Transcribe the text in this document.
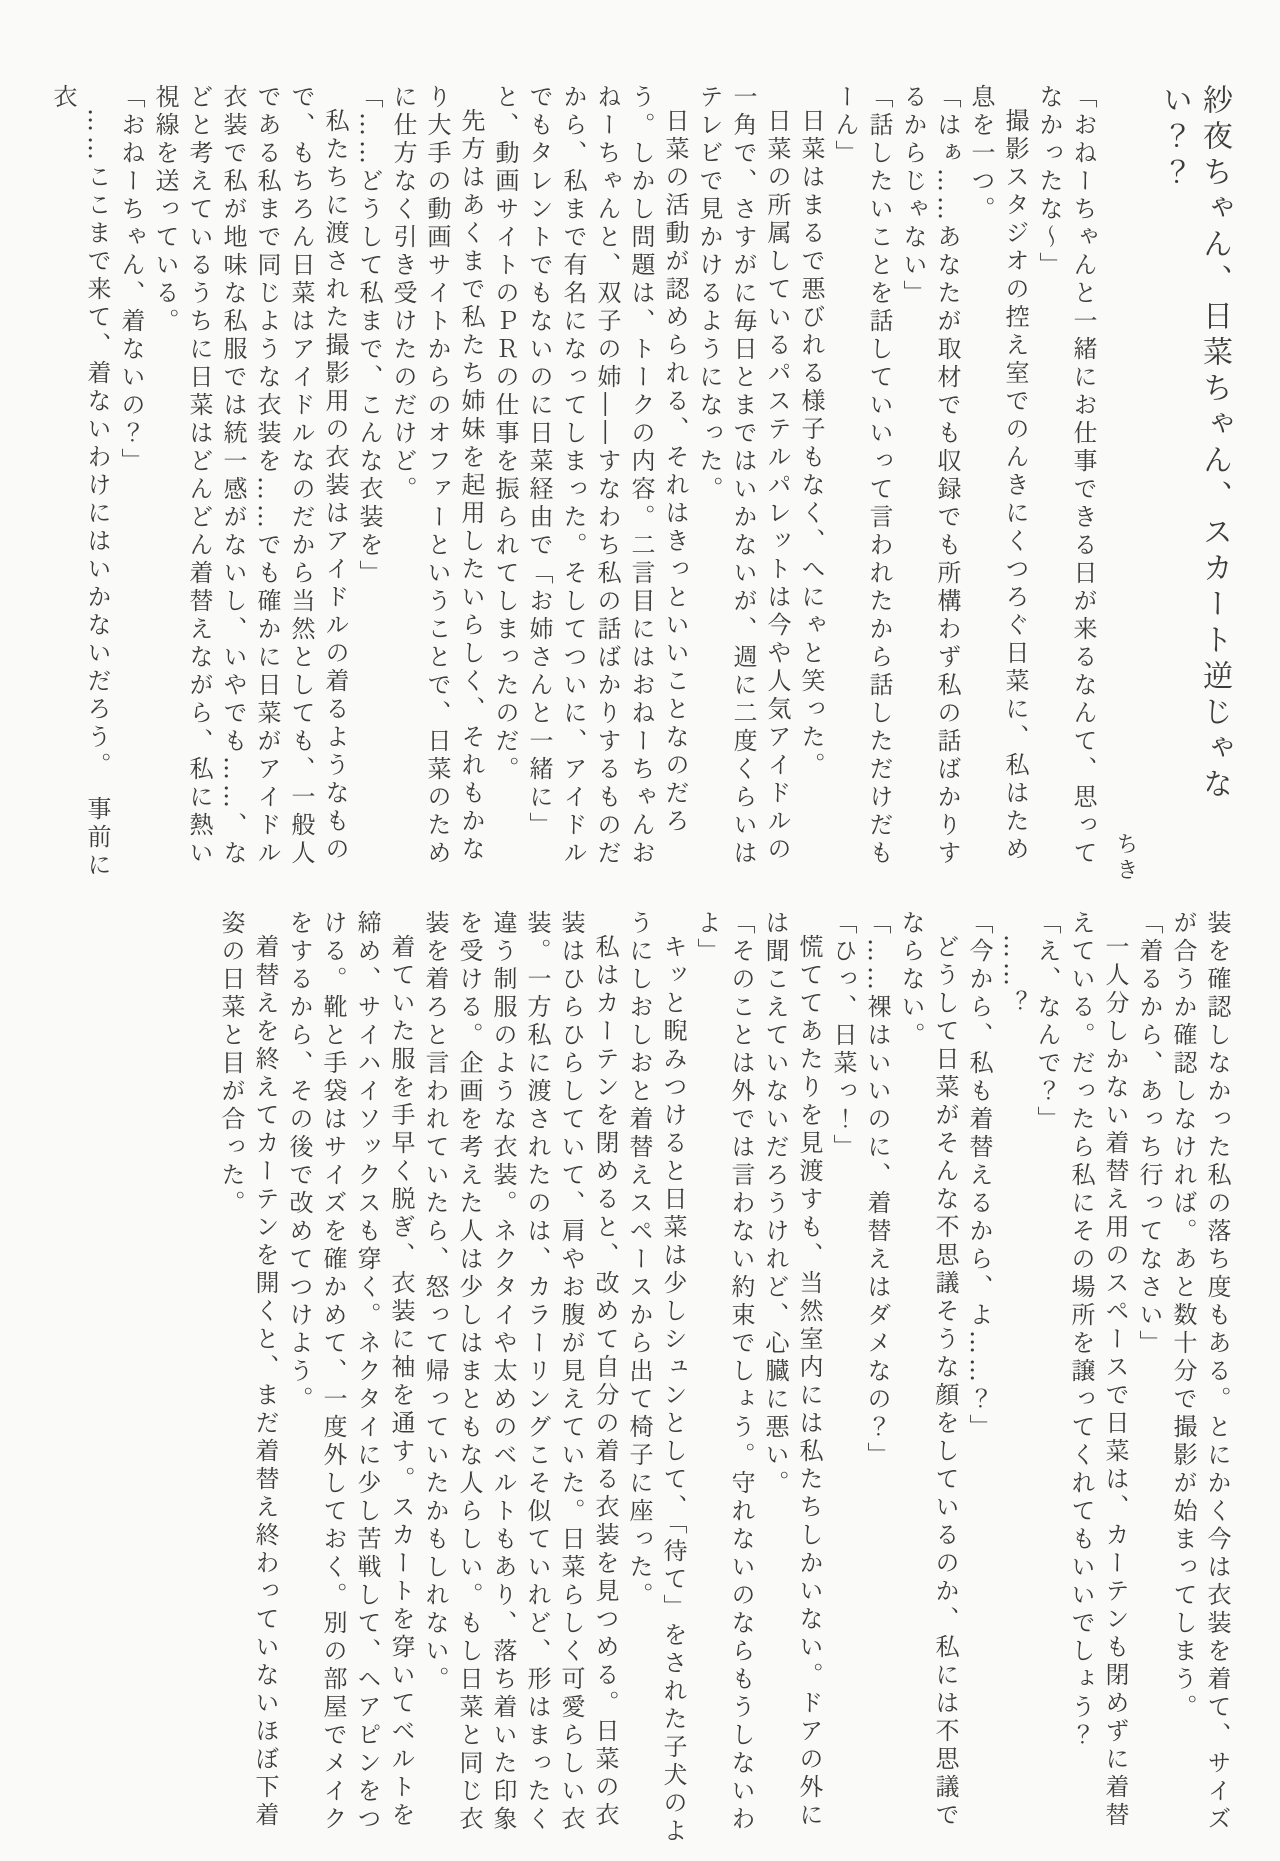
紗夜ちゃん、日菜ちゃん、スカート逆じゃない？？
ちき

「おねーちゃんと一緒にお仕事できる日が来るなんて、思ってなかったな～」

撮影スタジオの控え室でのんきにくつろぐ日菜に、私はため息を一つ。

「はぁ……あなたが取材でも収録でも所構わず私の話ばかりするからじゃない」

「話したいことを話していいって言われたから話しただけだもーん」

日菜はまるで悪びれる様子もなく、へにゃと笑った。

日菜の所属しているパステルパレットは今や人気アイドルの一角で、さすがに毎日とまではいかないが、週に二度くらいはテレビで見かけるようになった。

日菜の活動が認められる、それはきっといいことなのだろう。しかし問題は、トークの内容。二言目にはおねーちゃんおねーちゃんと、双子の姉――すなわち私の話ばかりするものだから、私まで有名になってしまった。そしてついに、アイドルでもタレントでもないのに日菜経由で「お姉さんと一緒に」と、動画サイトのＰＲの仕事を振られてしまったのだ。

先方はあくまで私たち姉妹を起用したいらしく、それもかなり大手の動画サイトからのオファーということで、日菜のために仕方なく引き受けたのだけど。

「……どうして私まで、こんな衣装を」

私たちに渡された撮影用の衣装はアイドルの着るようなもので、もちろん日菜はアイドルなのだから当然としても、一般人である私まで同じような衣装を……でも確かに日菜がアイドル衣装で私が地味な私服では統一感がないし、いやでも……、などと考えているうちに日菜はどんどん着替えながら、私に熱い視線を送っている。

「おねーちゃん、着ないの？」

……ここまで来て、着ないわけにはいかないだろう。　事前に衣

装を確認しなかった私の落ち度もある。とにかく今は衣装を着て、サイズが合うか確認しなければ。あと数十分で撮影が始まってしまう。

「着るから、あっち行ってなさい」

一人分しかない着替え用のスペースで日菜は、カーテンも閉めずに着替えている。だったら私にその場所を譲ってくれてもいいでしょう？

「え、なんで？」

……？

「今から、私も着替えるから、よ……？」

どうして日菜がそんな不思議そうな顔をしているのか、私には不思議でならない。

「……裸はいいのに、着替えはダメなの？」

「ひっ、日菜っ！」

慌ててあたりを見渡すも、当然室内には私たちしかいない。ドアの外には聞こえていないだろうけれど、心臓に悪い。

「そのことは外では言わない約束でしょう。守れないのならもうしないわよ」

キッと睨みつけると日菜は少しシュンとして、「待て」をされた子犬のようにしおしおと着替えスペースから出て椅子に座った。

私はカーテンを閉めると、改めて自分の着る衣装を見つめる。日菜の衣装はひらひらしていて、肩やお腹が見えていた。日菜らしく可愛らしい衣装。一方私に渡されたのは、カラーリングこそ似ていれど、形はまったく違う制服のような衣装。ネクタイや太めのベルトもあり、落ち着いた印象を受ける。企画を考えた人は少しはまともな人らしい。もし日菜と同じ衣装を着ろと言われていたら、怒って帰っていたかもしれない。

着ていた服を手早く脱ぎ、衣装に袖を通す。スカートを穿いてベルトを締め、サイハイソックスも穿く。ネクタイに少し苦戦して、ヘアピンをつける。靴と手袋はサイズを確かめて、一度外しておく。別の部屋でメイクをするから、その後で改めてつけよう。

着替えを終えてカーテンを開くと、まだ着替え終わっていないほぼ下着姿の日菜と目が合った。
